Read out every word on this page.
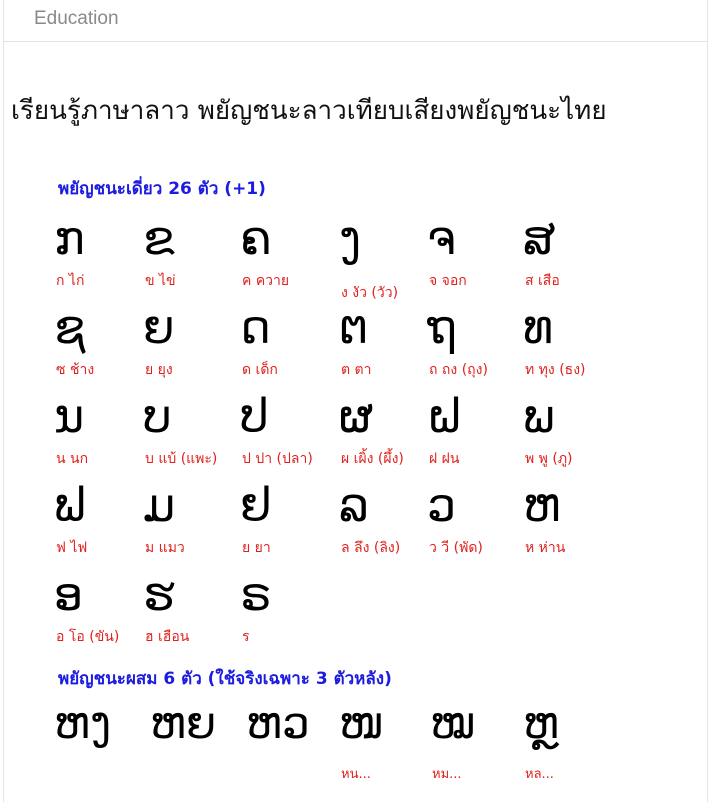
Education
เรียนรู้ภาษาลาว พยัญชนะลาวเทียบเสียงพยัญชนะไทย
พยัญชนะเดี่ยว 26 ตัว (+1)
ກ
ก ไก่
ຂ
ข ไข่
ຄ
ค ควาย
ງ
ง งัว (วัว)
ຈ
จ จอก
ສ
ส เสือ
ຊ
ซ ช้าง
ຍ
ย ยุง
ດ
ด เด็ก
ຕ
ต ตา
ຖ
ถ ถง (ถุง)
ທ
ท ทุง (ธง)
ນ
น นก
ບ
บ แบ้ (แพะ)
ປ
ป ปา (ปลา)
ຜ
ผ เผิ้ง (ผึ้ง)
ຝ
ฝ ฝน
ພ
พ พู (ภู)
ຟ
ฟ ไฟ
ມ
ม แมว
ຢ
ย ยา
ລ
ล ลึง (ลิง)
ວ
ว วี (พัด)
ຫ
ห ห่าน
ອ
อ โอ (ขัน)
ຮ
ฮ เฮือน
ຣ
ร
พยัญชนะผสม 6 ตัว (ใช้จริงเฉพาะ 3 ตัวหลัง)
ຫງ ຫຍ ຫວ ໜ
หน...
ໝ
หม...
ຫຼ
หล...
